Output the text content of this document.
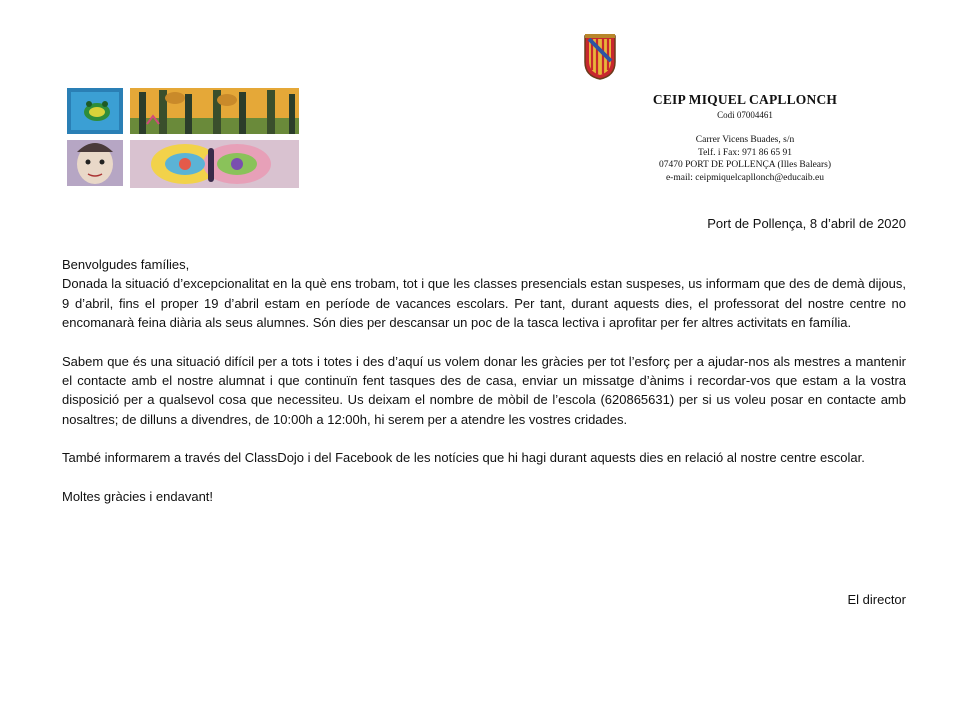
CEIP MIQUEL CAPLLONCH
Codi 07004461
Carrer Vicens Buades, s/n
Telf. i Fax: 971 86 65 91
07470 PORT DE POLLENÇA (Illes Balears)
e-mail: ceipmiquelcapllonch@educaib.eu
Port de Pollença, 8 d’abril de 2020

Benvolgudes famílies,

Donada la situació d’excepcionalitat en la què ens trobam, tot i que les classes presencials estan suspeses, us informam que des de demà dijous, 9 d’abril, fins el proper 19 d’abril estam en període de vacances escolars. Per tant, durant aquests dies, el professorat del nostre centre no encomanarà feina diària als seus alumnes. Són dies per descansar un poc de la tasca lectiva i aprofitar per fer altres activitats en família.

Sabem que és una situació difícil per a tots i totes i des d’aquí us volem donar les gràcies per tot l’esforç per a ajudar-nos als mestres a mantenir el contacte amb el nostre alumnat i que continuïn fent tasques des de casa, enviar un missatge d’ànims i recordar-vos que estam a la vostra disposició per a qualsevol cosa que necessiteu. Us deixam el nombre de mòbil de l’escola (620865631) per si us voleu posar en contacte amb nosaltres; de dilluns a divendres, de 10:00h a 12:00h, hi serem per a atendre les vostres cridades.

També informarem a través del ClassDojo i del Facebook de les notícies que hi hagi durant aquests dies en relació al nostre centre escolar.

Moltes gràcies i endavant!

El director
